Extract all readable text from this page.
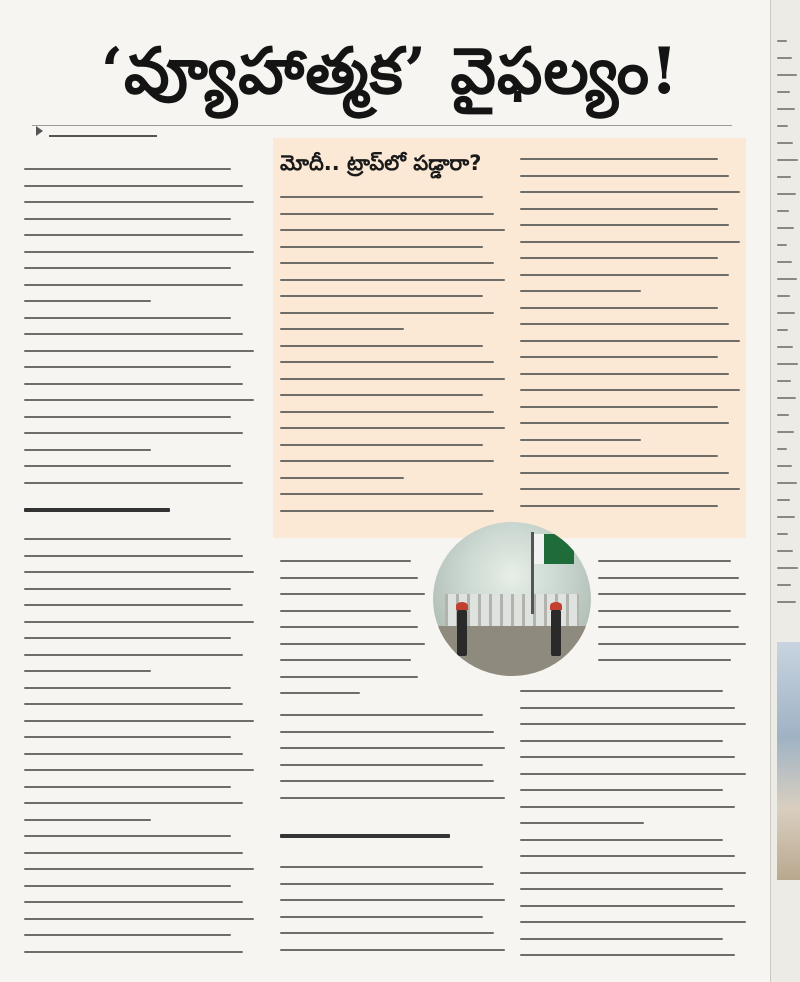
‘వ్యూహాత్మక’ వైఫల్యం!
మోదీ.. ట్రాప్‌లో పడ్డారా?
